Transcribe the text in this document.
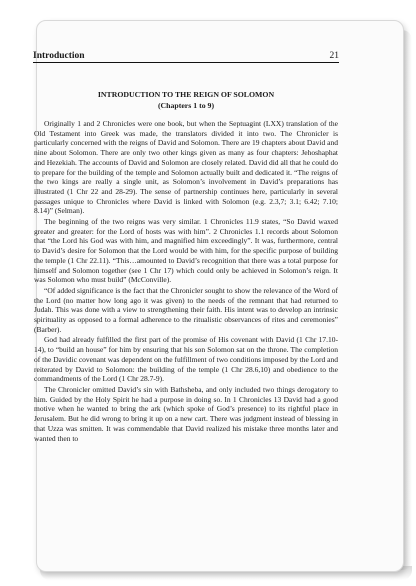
Introduction	21
INTRODUCTION TO THE REIGN OF SOLOMON
(Chapters 1 to 9)

Originally 1 and 2 Chronicles were one book, but when the Septuagint (LXX) translation of the Old Testament into Greek was made, the translators divided it into two. The Chronicler is particularly concerned with the reigns of David and Solomon. There are 19 chapters about David and nine about Solomon. There are only two other kings given as many as four chapters: Jehoshaphat and Hezekiah. The accounts of David and Solomon are closely related. David did all that he could do to prepare for the building of the temple and Solomon actually built and dedicated it. “The reigns of the two kings are really a single unit, as Solomon’s involvement in David’s preparations has illustrated (1 Chr 22 and 28-29). The sense of partnership continues here, particularly in several passages unique to Chronicles where David is linked with Solomon (e.g. 2.3,7; 3.1; 6.42; 7.10; 8.14)” (Selman).

The beginning of the two reigns was very similar. 1 Chronicles 11.9 states, “So David waxed greater and greater: for the Lord of hosts was with him”. 2 Chronicles 1.1 records about Solomon that “the Lord his God was with him, and magnified him exceedingly”. It was, furthermore, central to David’s desire for Solomon that the Lord would be with him, for the specific purpose of building the temple (1 Chr 22.11). “This…amounted to David’s recognition that there was a total purpose for himself and Solomon together (see 1 Chr 17) which could only be achieved in Solomon’s reign. It was Solomon who must build” (McConville).

“Of added significance is the fact that the Chronicler sought to show the relevance of the Word of the Lord (no matter how long ago it was given) to the needs of the remnant that had returned to Judah. This was done with a view to strengthening their faith. His intent was to develop an intrinsic spirituality as opposed to a formal adherence to the ritualistic observances of rites and ceremonies” (Barber).

God had already fulfilled the first part of the promise of His covenant with David (1 Chr 17.10-14), to “build an house” for him by ensuring that his son Solomon sat on the throne. The completion of the Davidic covenant was dependent on the fulfillment of two conditions imposed by the Lord and reiterated by David to Solomon: the building of the temple (1 Chr 28.6,10) and obedience to the commandments of the Lord (1 Chr 28.7-9).

The Chronicler omitted David’s sin with Bathsheba, and only included two things derogatory to him. Guided by the Holy Spirit he had a purpose in doing so. In 1 Chronicles 13 David had a good motive when he wanted to bring the ark (which spoke of God’s presence) to its rightful place in Jerusalem. But he did wrong to bring it up on a new cart. There was judgment instead of blessing in that Uzza was smitten. It was commendable that David realized his mistake three months later and wanted then to
